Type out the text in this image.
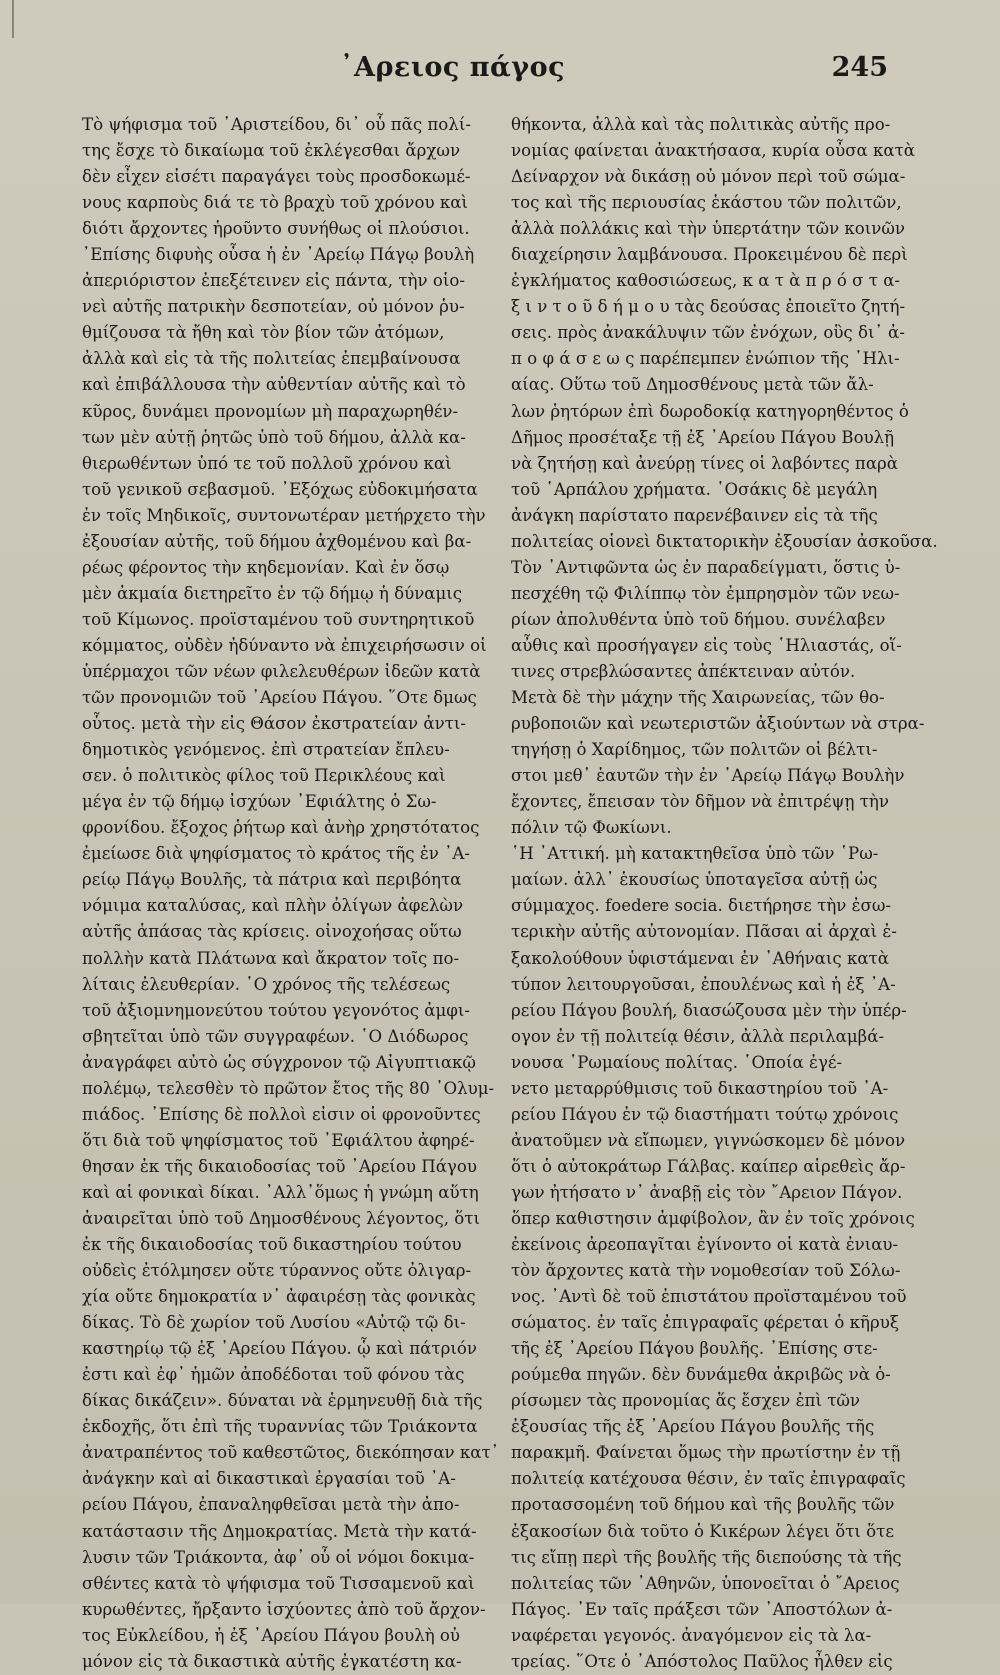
᾿Αρειος πάγος	245
Τὸ ψήφισμα τοῦ ᾿Αριστείδου, δι᾿ οὗ πᾶς πολί-
της ἔσχε τὸ δικαίωμα τοῦ ἐκλέγεσθαι ἄρχων
δὲν εἶχεν εἰσέτι παραγάγει τοὺς προσδοκωμέ-
νους καρποὺς διά τε τὸ βραχὺ τοῦ χρόνου καὶ
διότι ἄρχοντες ἡροῦντο συνήθως οἱ πλούσιοι.
᾿Επίσης διφυὴς οὖσα ἡ ἐν ᾿Αρείῳ Πάγῳ βουλὴ
ἀπεριόριστον ἐπεξέτεινεν εἰς πάντα, τὴν οἱο-
νεὶ αὐτῆς πατρικὴν δεσποτείαν, οὐ μόνον ῥυ-
θμίζουσα τὰ ἤθη καὶ τὸν βίον τῶν ἀτόμων,
ἀλλὰ καὶ εἰς τὰ τῆς πολιτείας ἐπεμβαίνουσα
καὶ ἐπιβάλλουσα τὴν αὐθεντίαν αὐτῆς καὶ τὸ
κῦρος, δυνάμει προνομίων μὴ παραχωρηθέν-
των μὲν αὐτῇ ῥητῶς ὑπὸ τοῦ δήμου, ἀλλὰ κα-
θιερωθέντων ὑπό τε τοῦ πολλοῦ χρόνου καὶ
τοῦ γενικοῦ σεβασμοῦ. ᾿Εξόχως εὐδοκιμήσατα
ἐν τοῖς Μηδικοῖς, συντονωτέραν μετήρχετο τὴν
ἐξουσίαν αὐτῆς, τοῦ δήμου ἀχθομένου καὶ βα-
ρέως φέροντος τὴν κηδεμονίαν. Καὶ ἐν ὅσῳ
μὲν ἀκμαία διετηρεῖτο ἐν τῷ δήμῳ ἡ δύναμις
τοῦ Κίμωνος. προϊσταμένου τοῦ συντηρητικοῦ
κόμματος, οὐδὲν ἠδύναντο νὰ ἐπιχειρήσωσιν οἱ
ὑπέρμαχοι τῶν νέων φιλελευθέρων ἰδεῶν κατὰ
τῶν προνομιῶν τοῦ ᾿Αρείου Πάγου. ῞Οτε δμως
οὗτος. μετὰ τὴν εἰς Θάσον ἐκστρατείαν ἀντι-
δημοτικὸς γενόμενος. ἐπὶ στρατείαν ἔπλευ-
σεν. ὁ πολιτικὸς φίλος τοῦ Περικλέους καὶ
μέγα ἐν τῷ δήμῳ ἰσχύων ᾿Εφιάλτης ὁ Σω-
φρονίδου. ἔξοχος ῥήτωρ καὶ ἀνὴρ χρηστότατος
ἐμείωσε διὰ ψηφίσματος τὸ κράτος τῆς ἐν ᾿Α-
ρείῳ Πάγῳ Βουλῆς, τὰ πάτρια καὶ περιβόητα
νόμιμα καταλύσας, καὶ πλὴν ὀλίγων ἀφελὼν
αὐτῆς ἁπάσας τὰς κρίσεις. οἰνοχοήσας οὕτω
πολλὴν κατὰ Πλάτωνα καὶ ἄκρατον τοῖς πο-
λίταις ἐλευθερίαν. ῾Ο χρόνος τῆς τελέσεως
τοῦ ἀξιομνημονεύτου τούτου γεγονότος ἀμφι-
σβητεῖται ὑπὸ τῶν συγγραφέων. ῾Ο Διόδωρος
ἀναγράφει αὐτὸ ὡς σύγχρονον τῷ Αἰγυπτιακῷ
πολέμῳ, τελεσθὲν τὸ πρῶτον ἔτος τῆς 80 ᾿Ολυμ-
πιάδος. ᾿Επίσης δὲ πολλοὶ εἰσιν οἱ φρονοῦντες
ὅτι διὰ τοῦ ψηφίσματος τοῦ ᾿Εφιάλτου ἀφηρέ-
θησαν ἐκ τῆς δικαιοδοσίας τοῦ ᾿Αρείου Πάγου
καὶ αἱ φονικαὶ δίκαι. ᾿Αλλ᾿ὅμως ἡ γνώμη αὕτη
ἀναιρεῖται ὑπὸ τοῦ Δημοσθένους λέγοντος, ὅτι
ἐκ τῆς δικαιοδοσίας τοῦ δικαστηρίου τούτου
οὐδεὶς ἐτόλμησεν οὔτε τύραννος οὔτε ὀλιγαρ-
χία οὔτε δημοκρατία ν᾿ ἀφαιρέσῃ τὰς φονικὰς
δίκας. Τὸ δὲ χωρίον τοῦ Λυσίου «Αὐτῷ τῷ δι-
καστηρίῳ τῷ ἐξ ᾿Αρείου Πάγου. ᾧ καὶ πάτριόν
ἐστι καὶ ἐφ᾿ ἡμῶν ἀποδέδοται τοῦ φόνου τὰς
δίκας δικάζειν». δύναται νὰ ἑρμηνευθῇ διὰ τῆς
ἐκδοχῆς, ὅτι ἐπὶ τῆς τυραννίας τῶν Τριάκοντα
ἀνατραπέντος τοῦ καθεστῶτος, διεκόπησαν κατ᾿
ἀνάγκην καὶ αἱ δικαστικαὶ ἐργασίαι τοῦ ᾿Α-
ρείου Πάγου, ἐπαναληφθεῖσαι μετὰ τὴν ἀπο-
κατάστασιν τῆς Δημοκρατίας. Μετὰ τὴν κατά-
λυσιν τῶν Τριάκοντα, ἀφ᾿ οὗ οἱ νόμοι δοκιμα-
σθέντες κατὰ τὸ ψήφισμα τοῦ Τισσαμενοῦ καὶ
κυρωθέντες, ἤρξαντο ἰσχύοντες ἀπὸ τοῦ ἄρχον-
τος Εὐκλείδου, ἡ ἐξ ᾿Αρείου Πάγου βουλὴ οὐ
μόνον εἰς τὰ δικαστικὰ αὐτῆς ἐγκατέστη κα-
θήκοντα, ἀλλὰ καὶ τὰς πολιτικὰς αὐτῆς προ-
νομίας φαίνεται ἀνακτήσασα, κυρία οὖσα κατὰ
Δείναρχον νὰ δικάσῃ οὐ μόνον περὶ τοῦ σώμα-
τος καὶ τῆς περιουσίας ἑκάστου τῶν πολιτῶν,
ἀλλὰ πολλάκις καὶ τὴν ὑπερτάτην τῶν κοινῶν
διαχείρησιν λαμβάνουσα. Προκειμένου δὲ περὶ
ἐγκλήματος καθοσιώσεως, κ α τ ὰ π ρ ό σ τ α-
ξ ι ν τ ο ῦ δ ή μ ο υ τὰς δεούσας ἐποιεῖτο ζητή-
σεις. πρὸς ἀνακάλυψιν τῶν ἐνόχων, οὓς δι᾿ ἀ-
π ο φ ά σ ε ω ς παρέπεμπεν ἐνώπιον τῆς ῾Ηλι-
αίας. Οὕτω τοῦ Δημοσθένους μετὰ τῶν ἄλ-
λων ῥητόρων ἐπὶ δωροδοκίᾳ κατηγορηθέντος ὁ
Δῆμος προσέταξε τῇ ἐξ ᾿Αρείου Πάγου Βουλῇ
νὰ ζητήσῃ καὶ ἀνεύρῃ τίνες οἱ λαβόντες παρὰ
τοῦ ῾Αρπάλου χρήματα. ῾Οσάκις δὲ μεγάλη
ἀνάγκη παρίστατο παρενέβαινεν εἰς τὰ τῆς
πολιτείας οἱονεὶ δικτατορικὴν ἐξουσίαν ἀσκοῦσα.
Τὸν ᾿Αντιφῶντα ὡς ἐν παραδείγματι, ὅστις ὑ-
πεσχέθη τῷ Φιλίππῳ τὸν ἐμπρησμὸν τῶν νεω-
ρίων ἀπολυθέντα ὑπὸ τοῦ δήμου. συνέλαβεν
αὖθις καὶ προσήγαγεν εἰς τοὺς ῾Ηλιαστάς, οἵ-
τινες στρεβλώσαντες ἀπέκτειναν αὐτόν.
Μετὰ δὲ τὴν μάχην τῆς Χαιρωνείας, τῶν θο-
ρυβοποιῶν καὶ νεωτεριστῶν ἀξιούντων νὰ στρα-
τηγήσῃ ὁ Χαρίδημος, τῶν πολιτῶν οἱ βέλτι-
στοι μεθ᾿ ἑαυτῶν τὴν ἐν ᾿Αρείῳ Πάγῳ Βουλὴν
ἔχοντες, ἔπεισαν τὸν δῆμον νὰ ἐπιτρέψῃ τὴν
πόλιν τῷ Φωκίωνι.
῾Η ᾿Αττική. μὴ κατακτηθεῖσα ὑπὸ τῶν ῾Ρω-
μαίων. ἀλλ᾿ ἑκουσίως ὑποταγεῖσα αὐτῇ ὡς
σύμμαχος. foedere socia. διετήρησε τὴν ἐσω-
τερικὴν αὐτῆς αὐτονομίαν. Πᾶσαι αἱ ἀρχαὶ ἐ-
ξακολούθουν ὑφιστάμεναι ἐν ᾿Αθήναις κατὰ
τύπον λειτουργοῦσαι, ἐπουλένως καὶ ἡ ἐξ ᾿Α-
ρείου Πάγου βουλή, διασώζουσα μὲν τὴν ὑπέρ-
ογον ἐν τῇ πολιτείᾳ θέσιν, ἀλλὰ περιλαμβά-
νουσα ῾Ρωμαίους πολίτας. ῾Οποία ἐγέ-
νετο μεταρρύθμισις τοῦ δικαστηρίου τοῦ ᾿Α-
ρείου Πάγου ἐν τῷ διαστήματι τούτῳ χρόνοις
ἀνατοῦμεν νὰ εἴπωμεν, γιγνώσκομεν δὲ μόνον
ὅτι ὁ αὐτοκράτωρ Γάλβας. καίπερ αἱρεθεὶς ἄρ-
γων ἠτήσατο ν᾿ ἀναβῇ εἰς τὸν ῎Αρειον Πάγον.
ὅπερ καθιστησιν ἀμφίβολον, ἂν ἐν τοῖς χρόνοις
ἐκείνοις ἀρεοπαγῖται ἐγίνοντο οἱ κατὰ ἐνιαυ-
τὸν ἄρχοντες κατὰ τὴν νομοθεσίαν τοῦ Σόλω-
νος. ᾿Αντὶ δὲ τοῦ ἐπιστάτου προϊσταμένου τοῦ
σώματος. ἐν ταῖς ἐπιγραφαῖς φέρεται ὁ κῆρυξ
τῆς ἐξ ᾿Αρείου Πάγου βουλῆς. ᾿Επίσης στε-
ρούμεθα πηγῶν. δὲν δυνάμεθα ἀκριβῶς νὰ ὁ-
ρίσωμεν τὰς προνομίας ἅς ἔσχεν ἐπὶ τῶν
ἐξουσίας τῆς ἐξ ᾿Αρείου Πάγου βουλῆς τῆς
παρακμῆ. Φαίνεται ὅμως τὴν πρωτίστην ἐν τῇ
πολιτείᾳ κατέχουσα θέσιν, ἐν ταῖς ἐπιγραφαῖς
προτασσομένη τοῦ δήμου καὶ τῆς βουλῆς τῶν
ἑξακοσίων διὰ τοῦτο ὁ Κικέρων λέγει ὅτι ὅτε
τις εἴπῃ περὶ τῆς βουλῆς τῆς διεπούσης τὰ τῆς
πολιτείας τῶν ᾿Αθηνῶν, ὑπονοεῖται ὁ ῎Αρειος
Πάγος. ᾿Εν ταῖς πράξεσι τῶν ᾿Αποστόλων ἀ-
ναφέρεται γεγονός. ἀναγόμενον εἰς τὰ λα-
τρείας. ῞Οτε ὁ ᾿Απόστολος Παῦλος ἦλθεν εἰς
